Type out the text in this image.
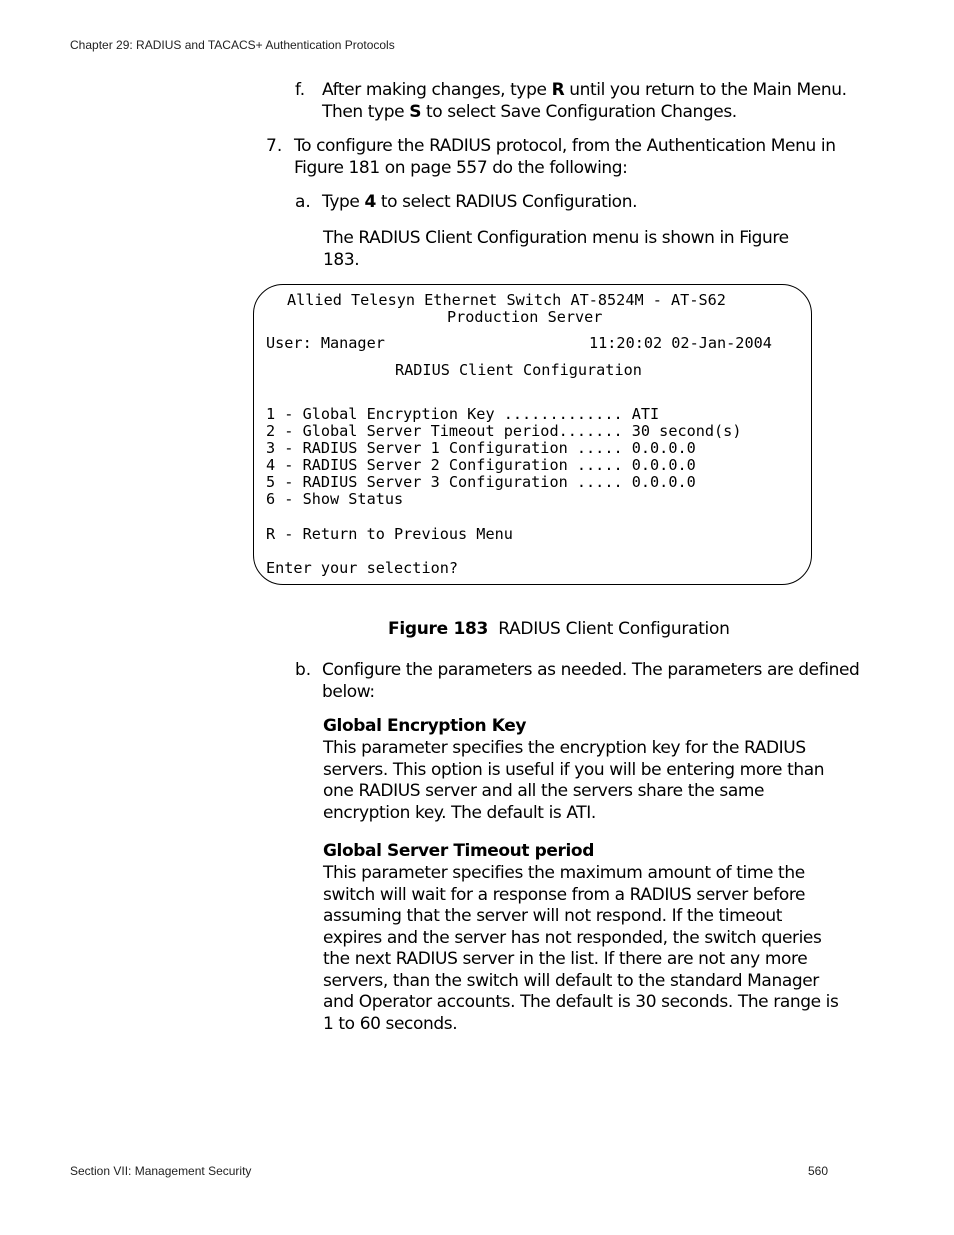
Chapter 29: RADIUS and TACACS+ Authentication Protocols
f. After making changes, type R until you return to the Main Menu.
Then type S to select Save Configuration Changes.
7. To configure the RADIUS protocol, from the Authentication Menu in
Figure 181 on page 557 do the following:
a. Type 4 to select RADIUS Configuration.
The RADIUS Client Configuration menu is shown in Figure
183.
Allied Telesyn Ethernet Switch AT-8524M - AT-S62
Production Server
User: Manager	11:20:02 02-Jan-2004
RADIUS Client Configuration
1 - Global Encryption Key ............. ATI
2 - Global Server Timeout period....... 30 second(s)
3 - RADIUS Server 1 Configuration ..... 0.0.0.0
4 - RADIUS Server 2 Configuration ..... 0.0.0.0
5 - RADIUS Server 3 Configuration ..... 0.0.0.0
6 - Show Status
R - Return to Previous Menu
Enter your selection?
Figure 183 RADIUS Client Configuration
b. Configure the parameters as needed. The parameters are defined
below:
Global Encryption Key
This parameter specifies the encryption key for the RADIUS
servers. This option is useful if you will be entering more than
one RADIUS server and all the servers share the same
encryption key. The default is ATI.
Global Server Timeout period
This parameter specifies the maximum amount of time the
switch will wait for a response from a RADIUS server before
assuming that the server will not respond. If the timeout
expires and the server has not responded, the switch queries
the next RADIUS server in the list. If there are not any more
servers, than the switch will default to the standard Manager
and Operator accounts. The default is 30 seconds. The range is
1 to 60 seconds.
Section VII: Management Security	560
